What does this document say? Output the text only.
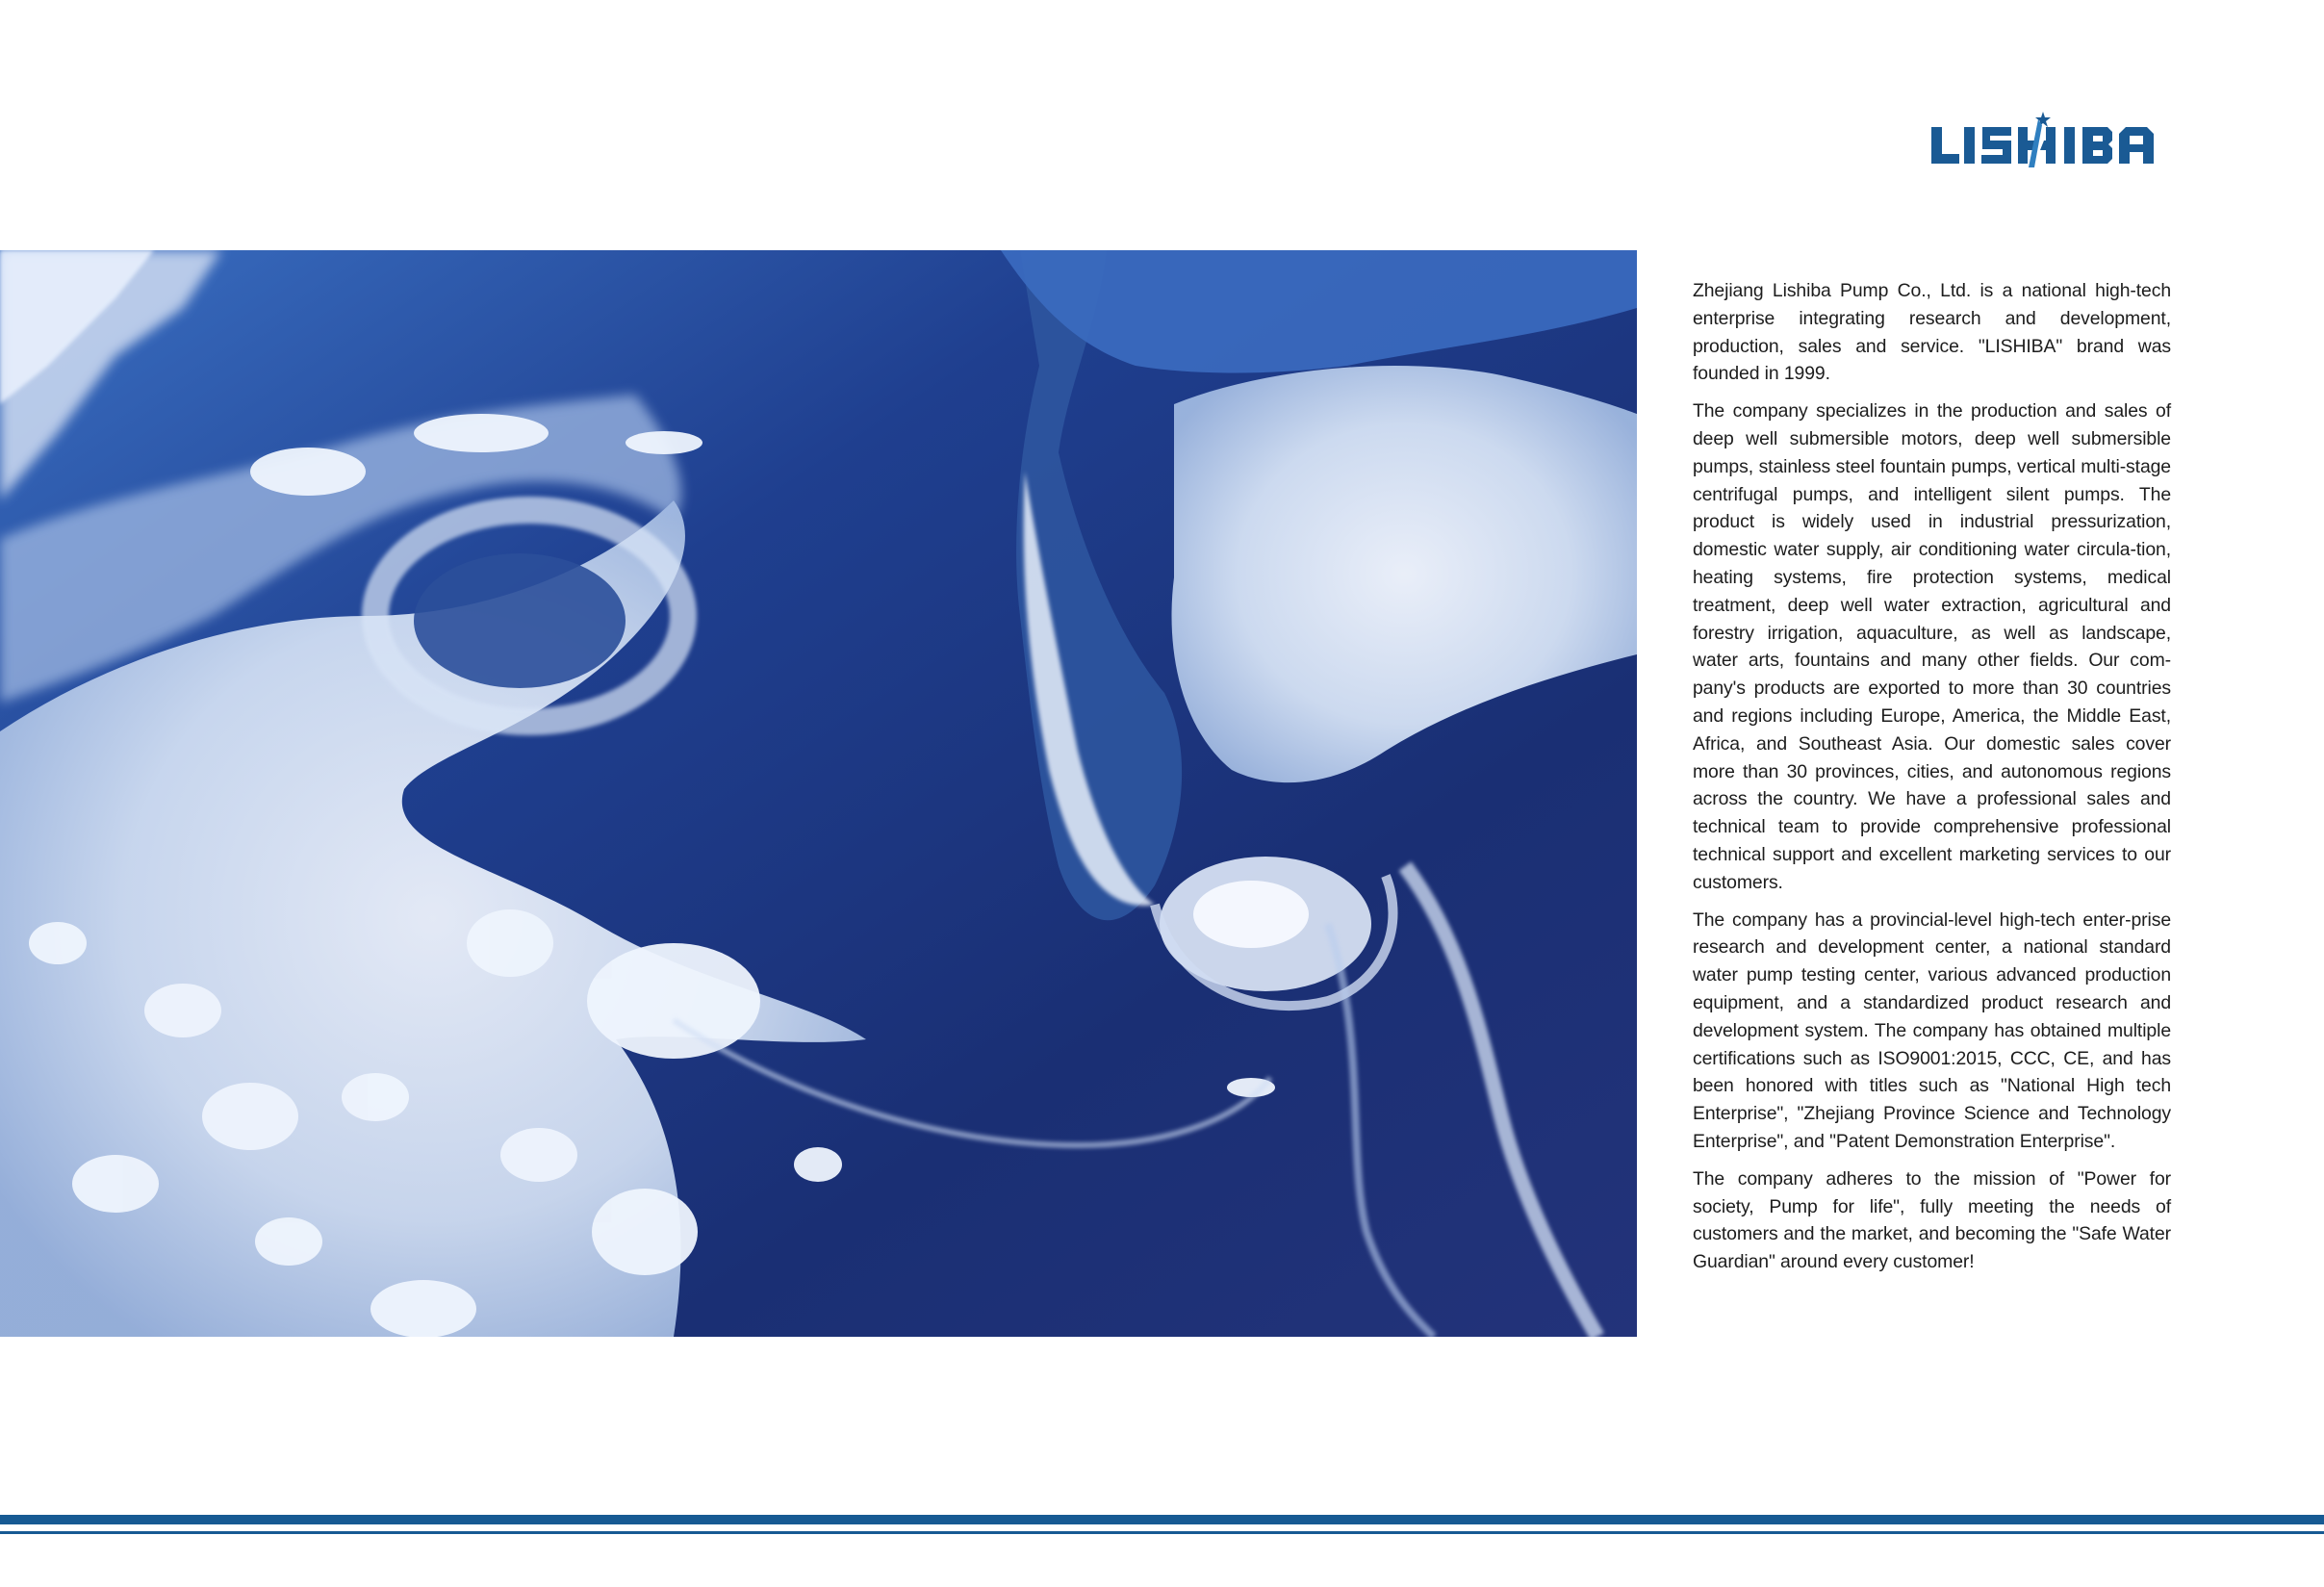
Zhejiang Lishiba Pump Co., Ltd. is a national high-tech enterprise integrating research and development, production, sales and service. "LISHIBA" brand was founded in 1999.

The company specializes in the production and sales of deep well submersible motors, deep well submersible pumps, stainless steel fountain pumps, vertical multi-stage centrifugal pumps, and intelligent silent pumps. The product is widely used in industrial pressurization, domestic water supply, air conditioning water circula-tion, heating systems, fire protection systems, medical treatment, deep well water extraction, agricultural and forestry irrigation, aquaculture, as well as landscape, water arts, fountains and many other fields. Our com-pany's products are exported to more than 30 countries and regions including Europe, America, the Middle East, Africa, and Southeast Asia. Our domestic sales cover more than 30 provinces, cities, and autonomous regions across the country. We have a professional sales and technical team to provide comprehensive professional technical support and excellent marketing services to our customers.

The company has a provincial-level high-tech enter-prise research and development center, a national standard water pump testing center, various advanced production equipment, and a standardized product research and development system. The company has obtained multiple certifications such as ISO9001:2015, CCC, CE, and has been honored with titles such as "National High tech Enterprise", "Zhejiang Province Science and Technology Enterprise", and "Patent Demonstration Enterprise".

The company adheres to the mission of "Power for society, Pump for life", fully meeting the needs of customers and the market, and becoming the "Safe Water Guardian" around every customer!
